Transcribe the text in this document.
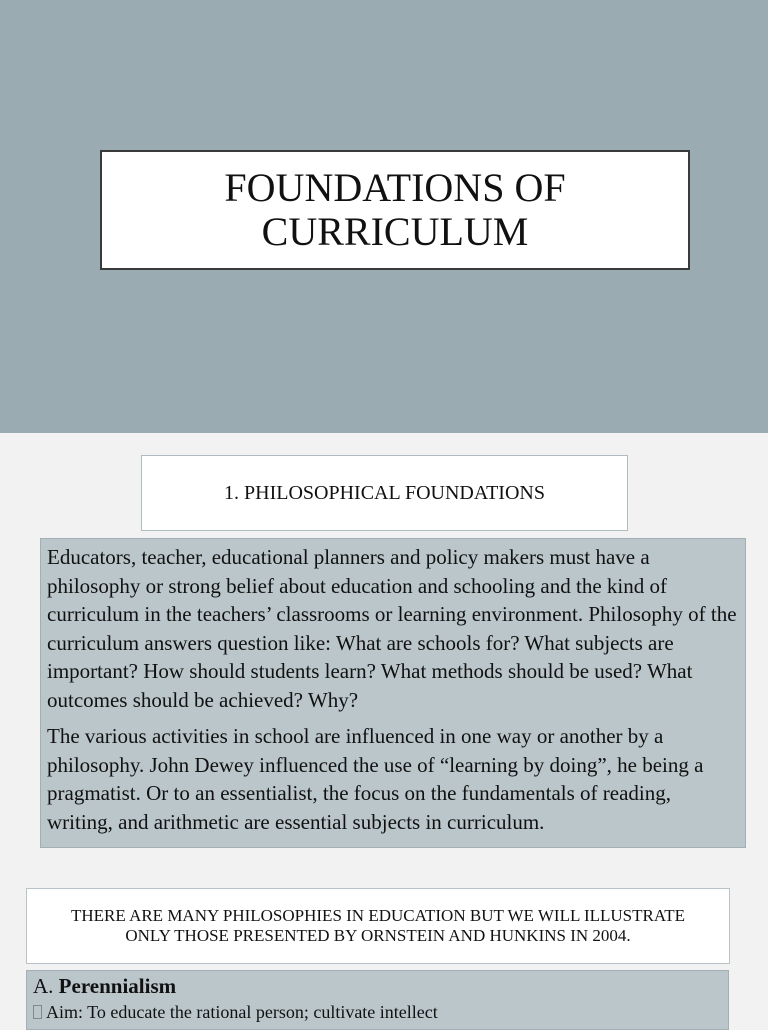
FOUNDATIONS OF CURRICULUM
1. PHILOSOPHICAL FOUNDATIONS

Educators, teacher, educational planners and policy makers must have a philosophy or strong belief about education and schooling and the kind of curriculum in the teachers’ classrooms or learning environment. Philosophy of the curriculum answers question like: What are schools for? What subjects are important? How should students learn? What methods should be used? What outcomes should be achieved? Why?

The various activities in school are influenced in one way or another by a philosophy. John Dewey influenced the use of “learning by doing”, he being a pragmatist. Or to an essentialist, the focus on the fundamentals of reading, writing, and arithmetic are essential subjects in curriculum.

THERE ARE MANY PHILOSOPHIES IN EDUCATION BUT WE WILL ILLUSTRATE ONLY THOSE PRESENTED BY ORNSTEIN AND HUNKINS IN 2004.
A. Perennialism
Aim: To educate the rational person; cultivate intellect
